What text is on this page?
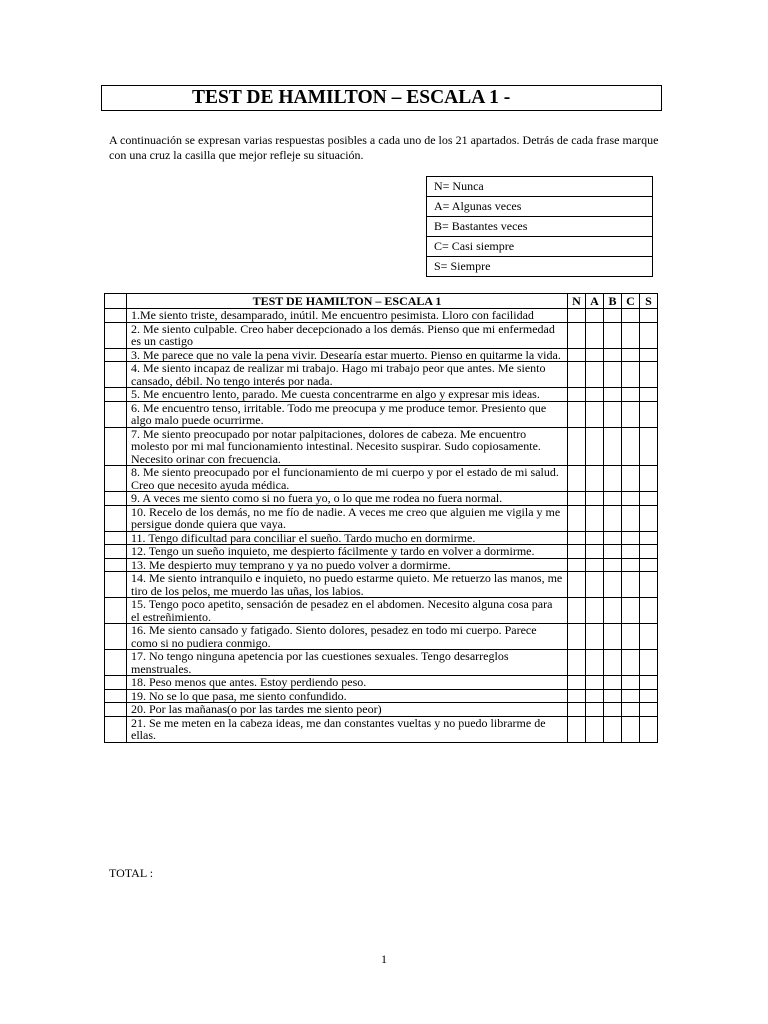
TEST DE HAMILTON – ESCALA 1 -
A continuación se expresan varias respuestas posibles a cada uno de los 21 apartados. Detrás de cada frase marque con una cruz la casilla que mejor refleje su situación.
N= Nunca
A= Algunas veces
B= Bastantes veces
C= Casi siempre
S= Siempre
	TEST DE HAMILTON – ESCALA 1	N	A	B	C	S
	1.Me siento triste, desamparado, inútil. Me encuentro pesimista. Lloro con facilidad					
	2. Me siento culpable. Creo haber decepcionado a los demás. Pienso que mi enfermedad es un castigo					
	3. Me parece que no vale la pena vivir. Desearía estar muerto. Pienso en quitarme la vida.					
	4. Me siento incapaz de realizar mi trabajo. Hago mi trabajo peor que antes. Me siento cansado, débil. No tengo interés por nada.					
	5. Me encuentro lento, parado. Me cuesta concentrarme en algo y expresar mis ideas.					
	6. Me encuentro tenso, irritable. Todo me preocupa y me produce temor. Presiento que algo malo puede ocurrirme.					
	7. Me siento preocupado por notar palpitaciones, dolores de cabeza. Me encuentro molesto por mi mal funcionamiento intestinal. Necesito suspirar. Sudo copiosamente. Necesito orinar con frecuencia.					
	8. Me siento preocupado por el funcionamiento de mi cuerpo y por el estado de mi salud. Creo que necesito ayuda médica.					
	9. A veces me siento como si no fuera yo, o lo que me rodea no fuera normal.					
	10. Recelo de los demás, no me fío de nadie. A veces me creo que alguien me vigila y me persigue donde quiera que vaya.					
	11. Tengo dificultad para conciliar el sueño. Tardo mucho en dormirme.					
	12. Tengo un sueño inquieto, me despierto fácilmente y tardo en volver a dormirme.					
	13. Me despierto muy temprano y ya no puedo volver a dormirme.					
	14. Me siento intranquilo e inquieto, no puedo estarme quieto. Me retuerzo las manos, me tiro de los pelos, me muerdo las uñas, los labios.					
	15. Tengo poco apetito, sensación de pesadez en el abdomen. Necesito alguna cosa para el estreñimiento.					
	16. Me siento cansado y fatigado. Siento dolores, pesadez en todo mi cuerpo. Parece como si no pudiera conmigo.					
	17. No tengo ninguna apetencia por las cuestiones sexuales. Tengo desarreglos menstruales.					
	18. Peso menos que antes. Estoy perdiendo peso.					
	19. No se lo que pasa, me siento confundido.					
	20. Por las mañanas(o por las tardes me siento peor)					
	21. Se me meten en la cabeza ideas, me dan constantes vueltas y no puedo librarme de ellas.					
TOTAL :
1
